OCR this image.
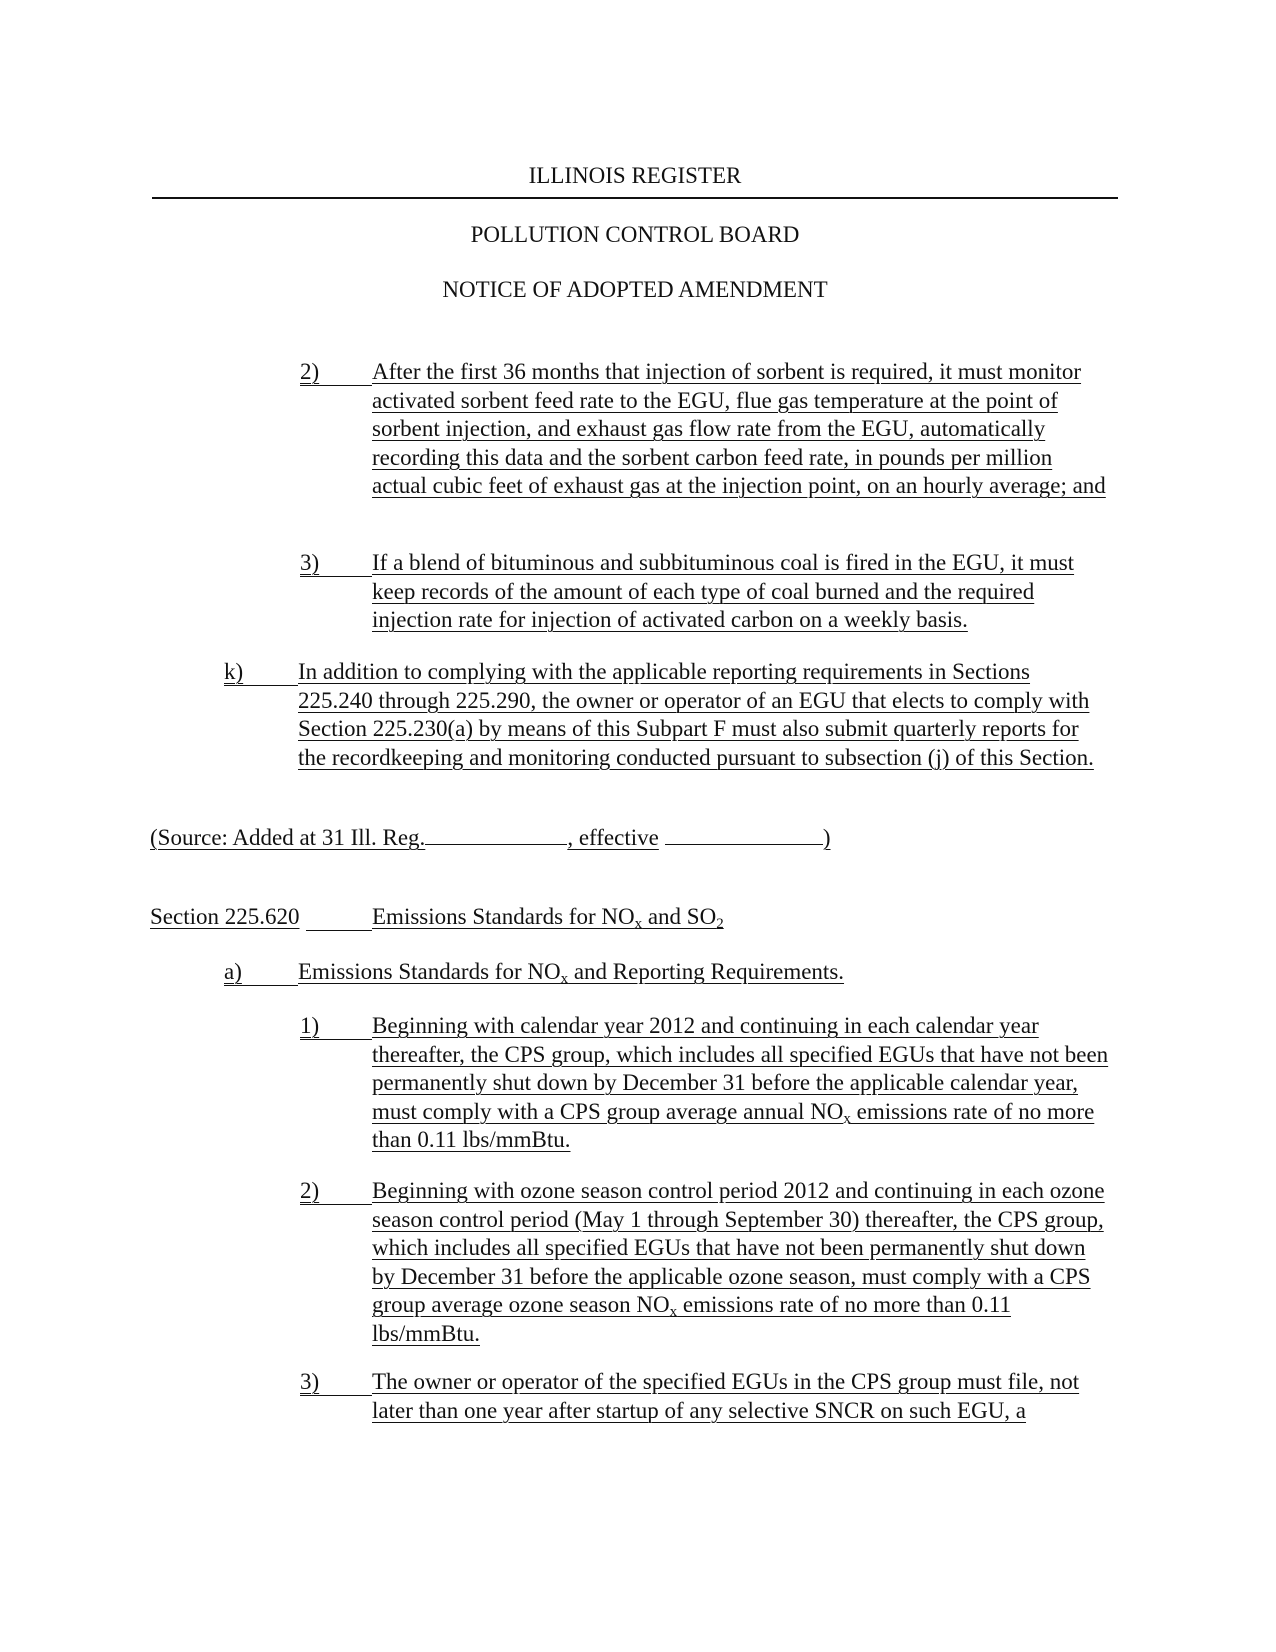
ILLINOIS REGISTER
POLLUTION CONTROL BOARD
NOTICE OF ADOPTED AMENDMENT
2) After the first 36 months that injection of sorbent is required, it must monitor activated sorbent feed rate to the EGU, flue gas temperature at the point of sorbent injection, and exhaust gas flow rate from the EGU, automatically recording this data and the sorbent carbon feed rate, in pounds per million actual cubic feet of exhaust gas at the injection point, on an hourly average; and
3) If a blend of bituminous and subbituminous coal is fired in the EGU, it must keep records of the amount of each type of coal burned and the required injection rate for injection of activated carbon on a weekly basis.
k) In addition to complying with the applicable reporting requirements in Sections 225.240 through 225.290, the owner or operator of an EGU that elects to comply with Section 225.230(a) by means of this Subpart F must also submit quarterly reports for the recordkeeping and monitoring conducted pursuant to subsection (j) of this Section.
(Source: Added at 31 Ill. Reg.	, effective	)
Section 225.620	Emissions Standards for $NO_x$ and $SO_2$
a) Emissions Standards for $NO_x$ and Reporting Requirements.
1) Beginning with calendar year 2012 and continuing in each calendar year thereafter, the CPS group, which includes all specified EGUs that have not been permanently shut down by December 31 before the applicable calendar year, must comply with a CPS group average annual $NO_x$ emissions rate of no more than 0.11 lbs/mmBtu.
2) Beginning with ozone season control period 2012 and continuing in each ozone season control period (May 1 through September 30) thereafter, the CPS group, which includes all specified EGUs that have not been permanently shut down by December 31 before the applicable ozone season, must comply with a CPS group average ozone season $NO_x$ emissions rate of no more than 0.11 lbs/mmBtu.
3) The owner or operator of the specified EGUs in the CPS group must file, not later than one year after startup of any selective SNCR on such EGU, a
